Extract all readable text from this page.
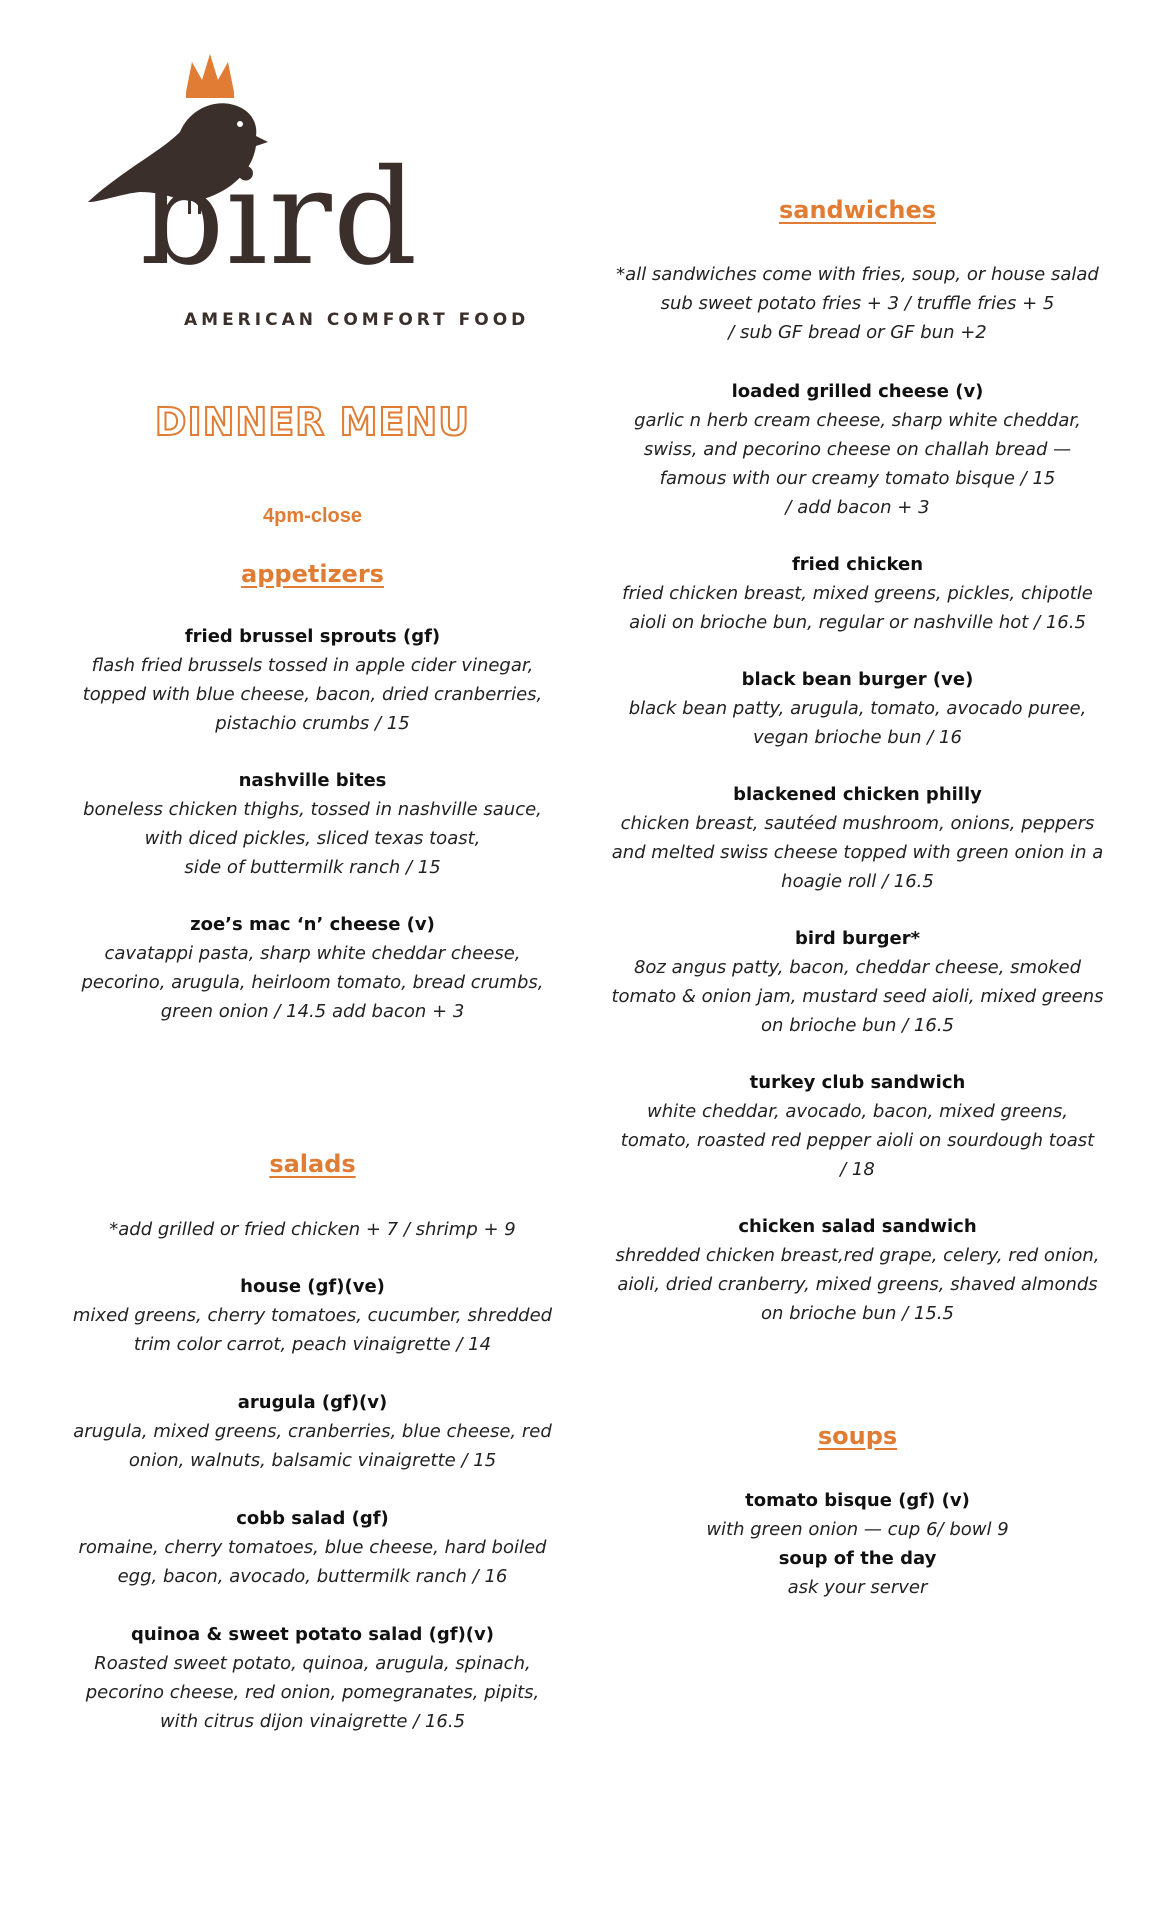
bird
AMERICAN COMFORT FOOD
DINNER MENU
4pm-close
appetizers
fried brussel sprouts (gf)
flash fried brussels tossed in apple cider vinegar,
topped with blue cheese, bacon, dried cranberries,
pistachio crumbs / 15
nashville bites
boneless chicken thighs, tossed in nashville sauce,
with diced pickles, sliced texas toast,
side of buttermilk ranch / 15
zoe’s mac ‘n’ cheese (v)
cavatappi pasta, sharp white cheddar cheese,
pecorino, arugula, heirloom tomato, bread crumbs,
green onion / 14.5 add bacon + 3
salads
*add grilled or fried chicken + 7 / shrimp + 9
house (gf)(ve)
mixed greens, cherry tomatoes, cucumber, shredded
trim color carrot, peach vinaigrette / 14
arugula (gf)(v)
arugula, mixed greens, cranberries, blue cheese, red
onion, walnuts, balsamic vinaigrette / 15
cobb salad (gf)
romaine, cherry tomatoes, blue cheese, hard boiled
egg, bacon, avocado, buttermilk ranch / 16
quinoa & sweet potato salad (gf)(v)
Roasted sweet potato, quinoa, arugula, spinach,
pecorino cheese, red onion, pomegranates, pipits,
with citrus dijon vinaigrette / 16.5
sandwiches
*all sandwiches come with fries, soup, or house salad
sub sweet potato fries + 3 / truffle fries + 5
/ sub GF bread or GF bun +2
loaded grilled cheese (v)
garlic n herb cream cheese, sharp white cheddar,
swiss, and pecorino cheese on challah bread —
famous with our creamy tomato bisque / 15
/ add bacon + 3
fried chicken
fried chicken breast, mixed greens, pickles, chipotle
aioli on brioche bun, regular or nashville hot / 16.5
black bean burger (ve)
black bean patty, arugula, tomato, avocado puree,
vegan brioche bun / 16
blackened chicken philly
chicken breast, sautéed mushroom, onions, peppers
and melted swiss cheese topped with green onion in a
hoagie roll / 16.5
bird burger*
8oz angus patty, bacon, cheddar cheese, smoked
tomato & onion jam, mustard seed aioli, mixed greens
on brioche bun / 16.5
turkey club sandwich
white cheddar, avocado, bacon, mixed greens,
tomato, roasted red pepper aioli on sourdough toast
/ 18
chicken salad sandwich
shredded chicken breast,red grape, celery, red onion,
aioli, dried cranberry, mixed greens, shaved almonds
on brioche bun / 15.5
soups
tomato bisque (gf) (v)
with green onion — cup 6/ bowl 9
soup of the day
ask your server
